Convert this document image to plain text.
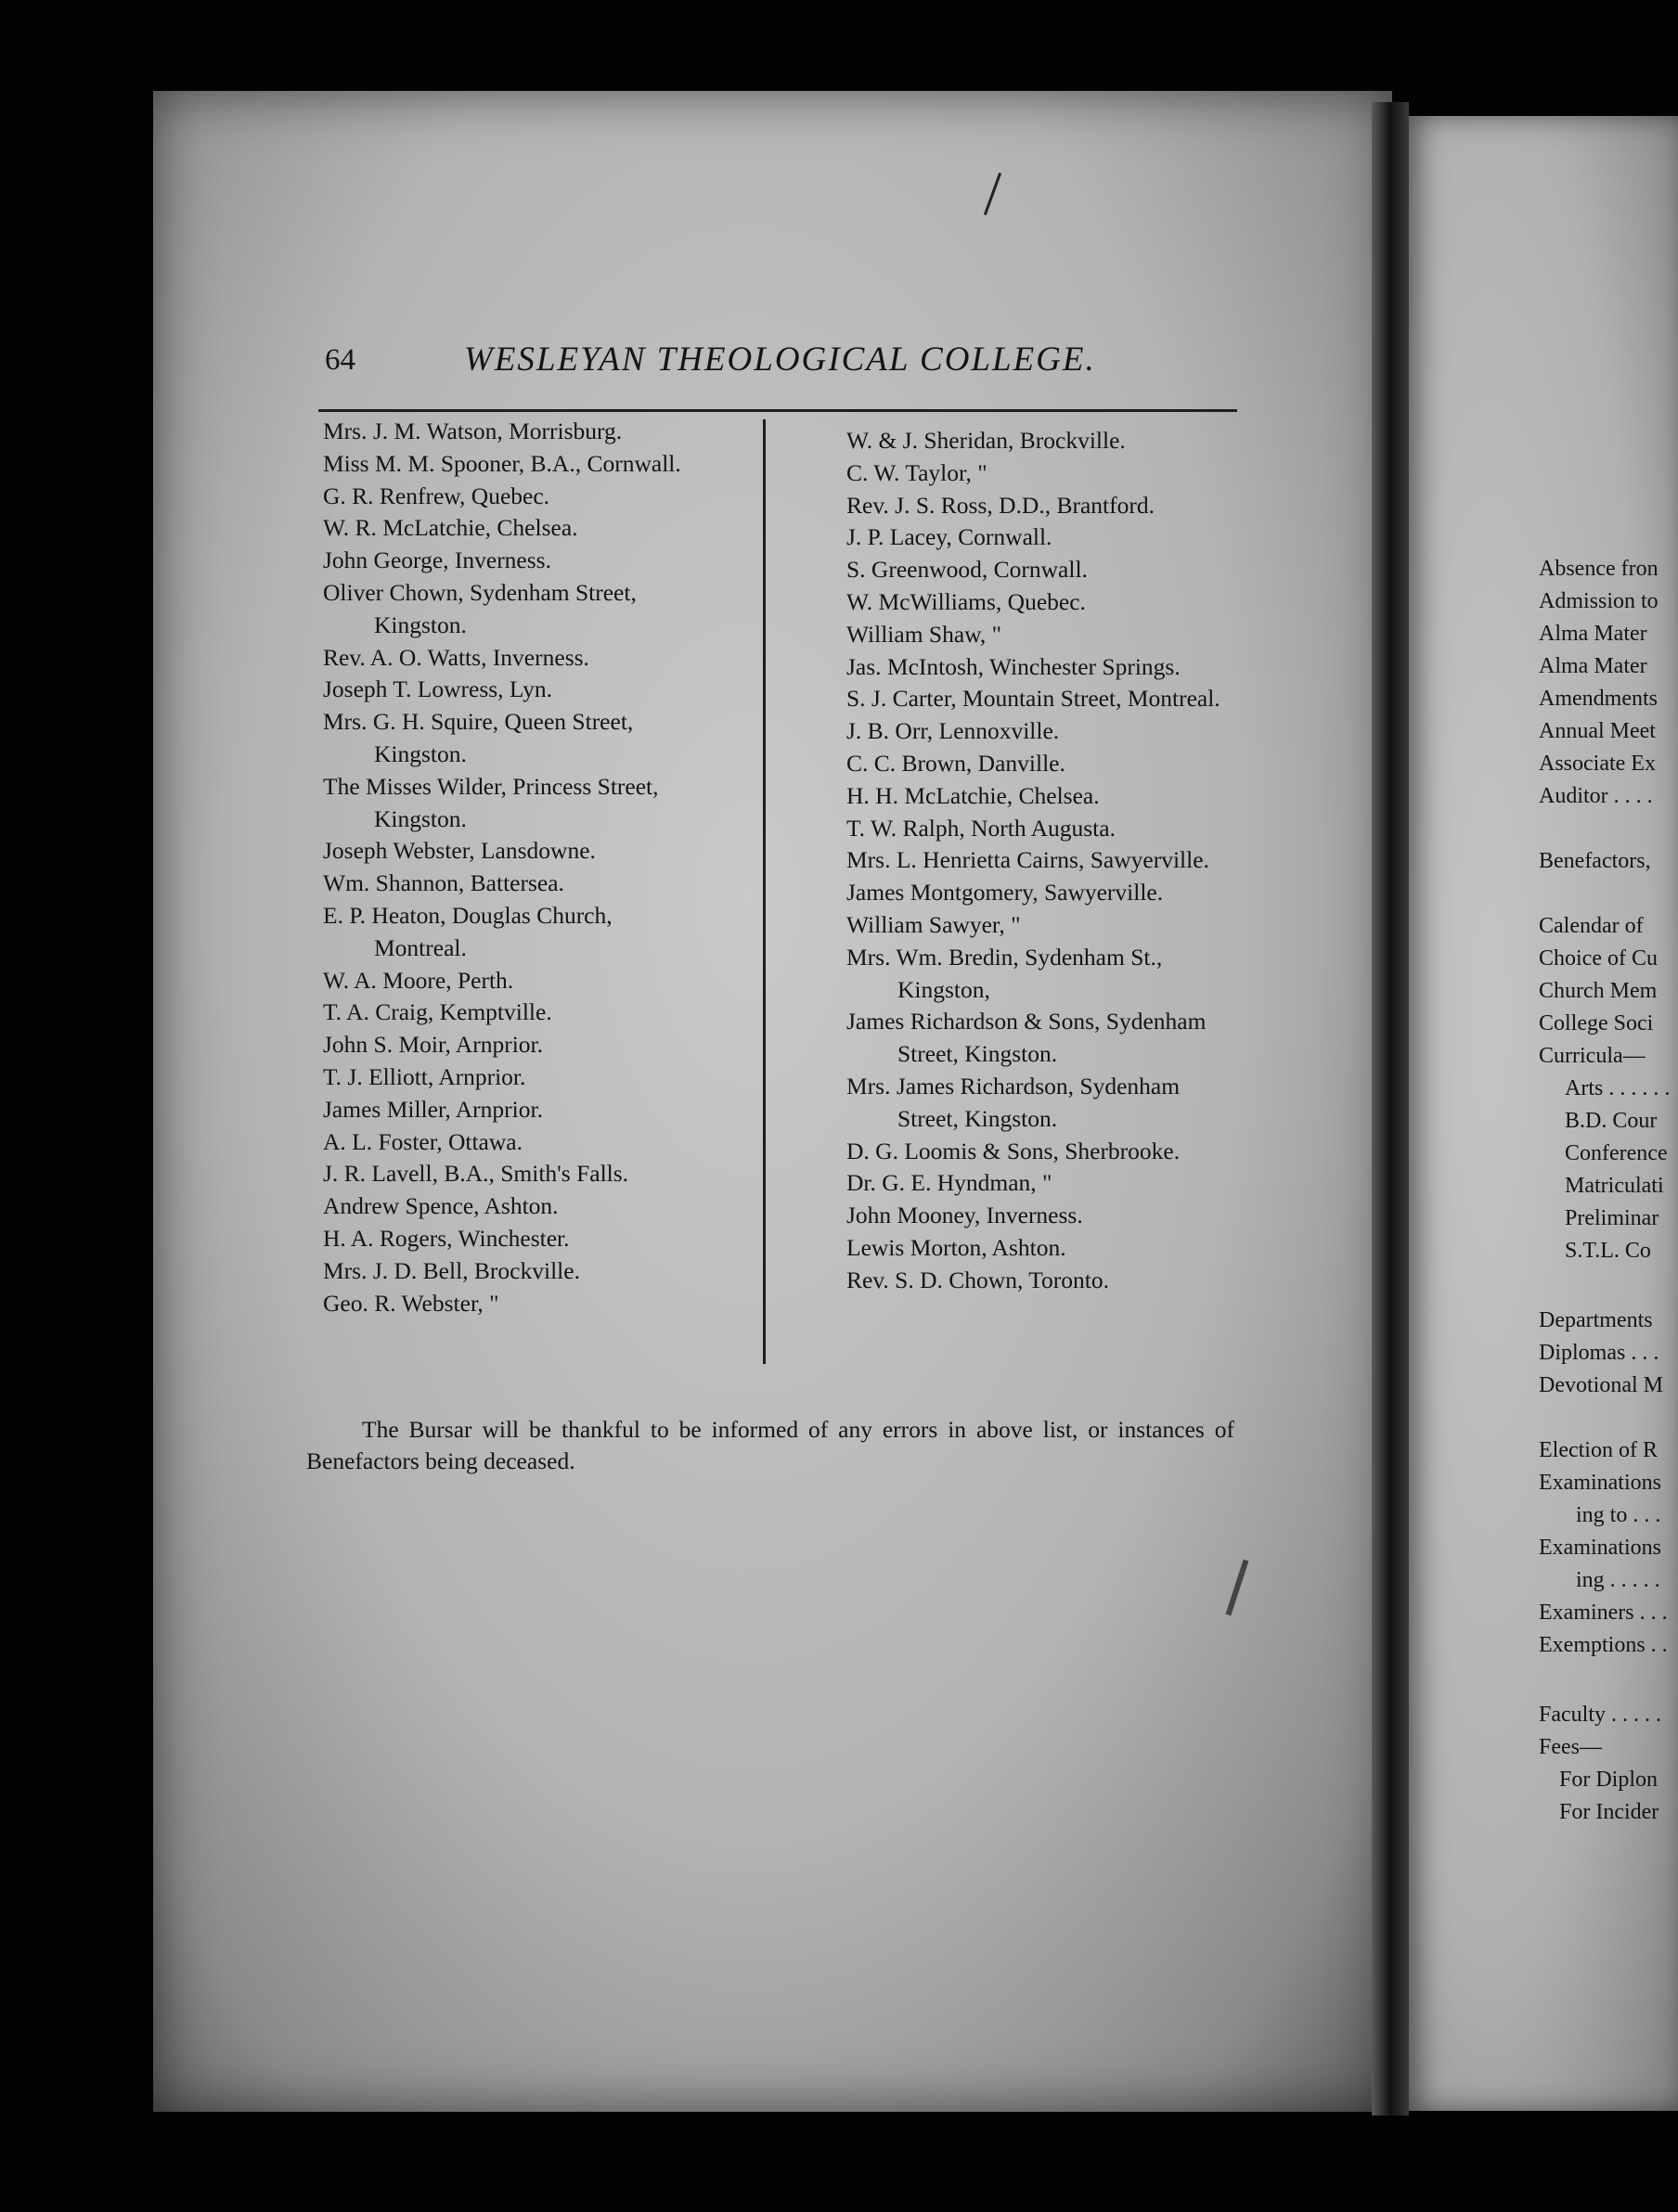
64	WESLEYAN THEOLOGICAL COLLEGE.
Mrs. J. M. Watson, Morrisburg.
Miss M. M. Spooner, B.A., Cornwall.
G. R. Renfrew, Quebec.
W. R. McLatchie, Chelsea.
John George, Inverness.
Oliver Chown, Sydenham Street, Kingston.
Rev. A. O. Watts, Inverness.
Joseph T. Lowress, Lyn.
Mrs. G. H. Squire, Queen Street, Kingston.
The Misses Wilder, Princess Street, Kingston.
Joseph Webster, Lansdowne.
Wm. Shannon, Battersea.
E. P. Heaton, Douglas Church, Montreal.
W. A. Moore, Perth.
T. A. Craig, Kemptville.
John S. Moir, Arnprior.
T. J. Elliott, Arnprior.
James Miller, Arnprior.
A. L. Foster, Ottawa.
J. R. Lavell, B.A., Smith's Falls.
Andrew Spence, Ashton.
H. A. Rogers, Winchester.
Mrs. J. D. Bell, Brockville.
Geo. R. Webster, "
W. & J. Sheridan, Brockville.
C. W. Taylor, "
Rev. J. S. Ross, D.D., Brantford.
J. P. Lacey, Cornwall.
S. Greenwood, Cornwall.
W. McWilliams, Quebec.
William Shaw, "
Jas. McIntosh, Winchester Springs.
S. J. Carter, Mountain Street, Montreal.
J. B. Orr, Lennoxville.
C. C. Brown, Danville.
H. H. McLatchie, Chelsea.
T. W. Ralph, North Augusta.
Mrs. L. Henrietta Cairns, Sawyerville.
James Montgomery, Sawyerville.
William Sawyer, "
Mrs. Wm. Bredin, Sydenham St., Kingston,
James Richardson & Sons, Sydenham Street, Kingston.
Mrs. James Richardson, Sydenham Street, Kingston.
D. G. Loomis & Sons, Sherbrooke.
Dr. G. E. Hyndman, "
John Mooney, Inverness.
Lewis Morton, Ashton.
Rev. S. D. Chown, Toronto.

The Bursar will be thankful to be informed of any errors in above list, or instances of Benefactors being deceased.

Absence fron
Admission to
Alma Mater
Alma Mater
Amendments
Annual Meet
Associate Ex
Auditor . . . .
Benefactors,
Calendar of
Choice of Cu
Church Mem
College Soci
Curricula—
Arts . . . . . .
B.D. Cour
Conference
Matriculati
Preliminar
S.T.L. Co
Departments
Diplomas . . .
Devotional M
Election of R
Examinations
ing to . . .
Examinations
ing . . . . .
Examiners . . .
Exemptions . .
Faculty . . . . .
Fees—
For Diplon
For Incider
